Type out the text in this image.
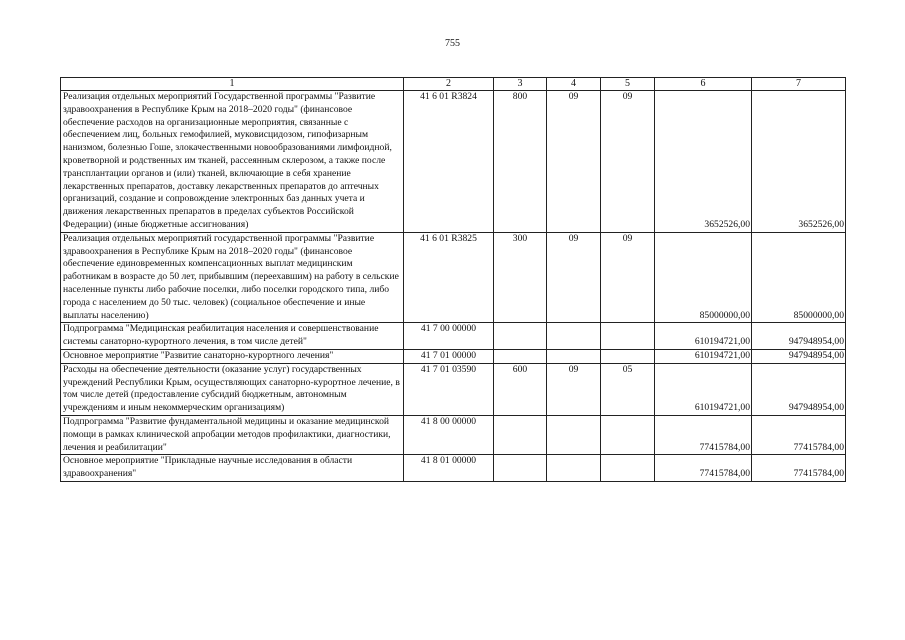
755
1	2	3	4	5	6	7
Реализация отдельных мероприятий Государственной программы "Развитие здравоохранения в Республике Крым на 2018–2020 годы" (финансовое обеспечение расходов на организационные мероприятия, связанные с обеспечением лиц, больных гемофилией, муковисцидозом, гипофизарным нанизмом, болезнью Гоше, злокачественными новообразованиями лимфоидной, кроветворной и родственных им тканей, рассеянным склерозом, а также после трансплантации органов и (или) тканей, включающие в себя хранение лекарственных препаратов, доставку лекарственных препаратов до аптечных организаций, создание и сопровождение электронных баз данных учета и движения лекарственных препаратов в пределах субъектов Российской Федерации) (иные бюджетные ассигнования)	41 6 01 R3824	800	09	09	3652526,00	3652526,00
Реализация отдельных мероприятий государственной программы "Развитие здравоохранения в Республике Крым на 2018–2020 годы" (финансовое обеспечение единовременных компенсационных выплат медицинским работникам в возрасте до 50 лет, прибывшим (переехавшим) на работу в сельские населенные пункты либо рабочие поселки, либо поселки городского типа, либо города с населением до 50 тыс. человек) (социальное обеспечение и иные выплаты населению)	41 6 01 R3825	300	09	09	85000000,00	85000000,00
Подпрограмма "Медицинская реабилитация населения и совершенствование системы санаторно-курортного лечения, в том числе детей"	41 7 00 00000				610194721,00	947948954,00
Основное мероприятие "Развитие санаторно-курортного лечения"	41 7 01 00000				610194721,00	947948954,00
Расходы на обеспечение деятельности (оказание услуг) государственных учреждений Республики Крым, осуществляющих санаторно-курортное лечение, в том числе детей (предоставление субсидий бюджетным, автономным учреждениям и иным некоммерческим организациям)	41 7 01 03590	600	09	05	610194721,00	947948954,00
Подпрограмма "Развитие фундаментальной медицины и оказание медицинской помощи в рамках клинической апробации методов профилактики, диагностики, лечения и реабилитации"	41 8 00 00000				77415784,00	77415784,00
Основное мероприятие "Прикладные научные исследования в области здравоохранения"	41 8 01 00000				77415784,00	77415784,00
